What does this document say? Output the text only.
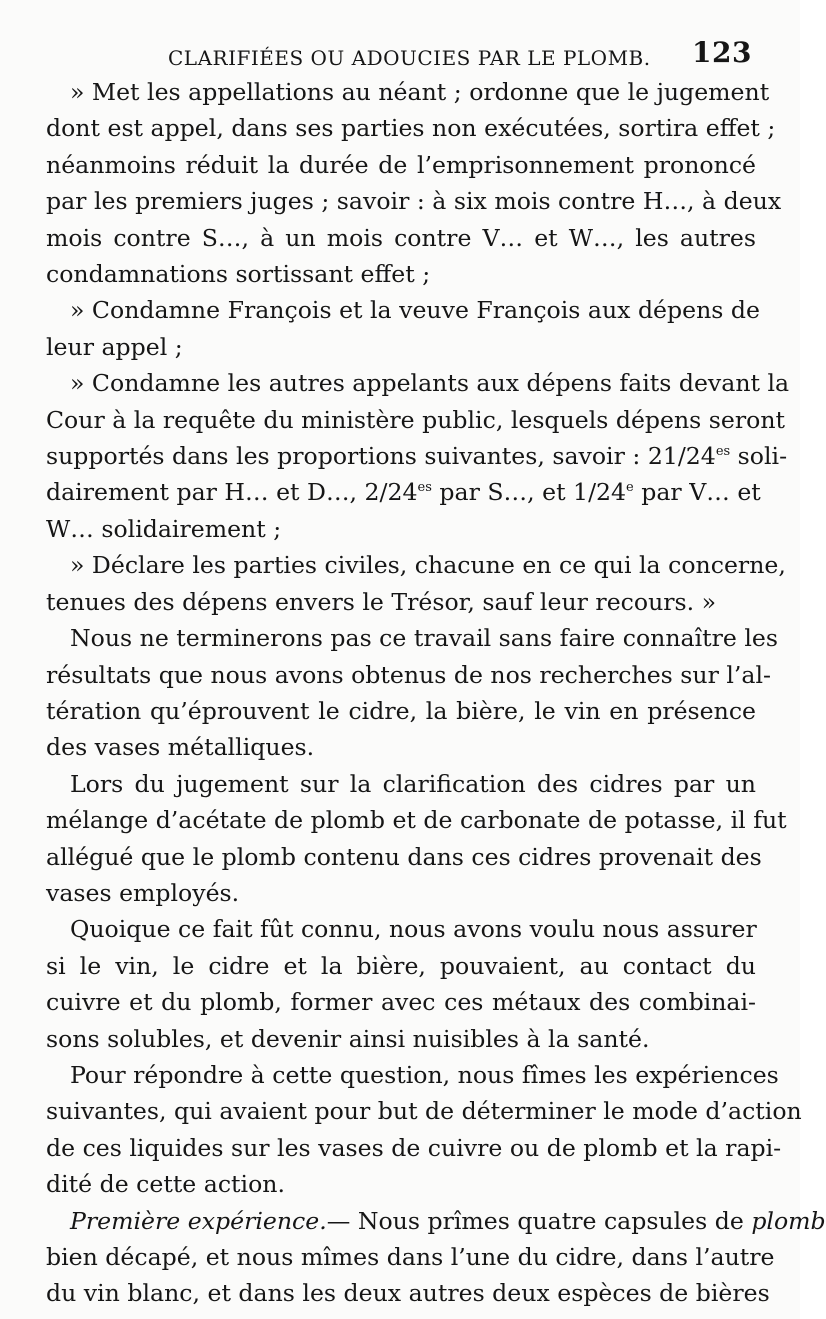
CLARIFIÉES OU ADOUCIES PAR LE PLOMB. 123
» Met les appellations au néant ; ordonne que le jugement
dont est appel, dans ses parties non exécutées, sortira effet ;
néanmoins réduit la durée de l’emprisonnement prononcé
par les premiers juges ; savoir : à six mois contre H…, à deux
mois contre S…, à un mois contre V… et W…, les autres
condamnations sortissant effet ;
» Condamne François et la veuve François aux dépens de
leur appel ;
» Condamne les autres appelants aux dépens faits devant la
Cour à la requête du ministère public, lesquels dépens seront
supportés dans les proportions suivantes, savoir : $21/24^{es}$ soli-
dairement par H… et D…, $2/24^{es}$ par S…, et 1/24e par V… et
W… solidairement ;
» Déclare les parties civiles, chacune en ce qui la concerne,
tenues des dépens envers le Trésor, sauf leur recours. »
Nous ne terminerons pas ce travail sans faire connaître les
résultats que nous avons obtenus de nos recherches sur l’al-
tération qu’éprouvent le cidre, la bière, le vin en présence
des vases métalliques.
Lors du jugement sur la clarification des cidres par un
mélange d’acétate de plomb et de carbonate de potasse, il fut
allégué que le plomb contenu dans ces cidres provenait des
vases employés.
Quoique ce fait fût connu, nous avons voulu nous assurer
si le vin, le cidre et la bière, pouvaient, au contact du
cuivre et du plomb, former avec ces métaux des combinai-
sons solubles, et devenir ainsi nuisibles à la santé.
Pour répondre à cette question, nous fîmes les expériences
suivantes, qui avaient pour but de déterminer le mode d’action
de ces liquides sur les vases de cuivre ou de plomb et la rapi-
dité de cette action.
Première expérience.— Nous prîmes quatre capsules de plomb
bien décapé, et nous mîmes dans l’une du cidre, dans l’autre
du vin blanc, et dans les deux autres deux espèces de bières
